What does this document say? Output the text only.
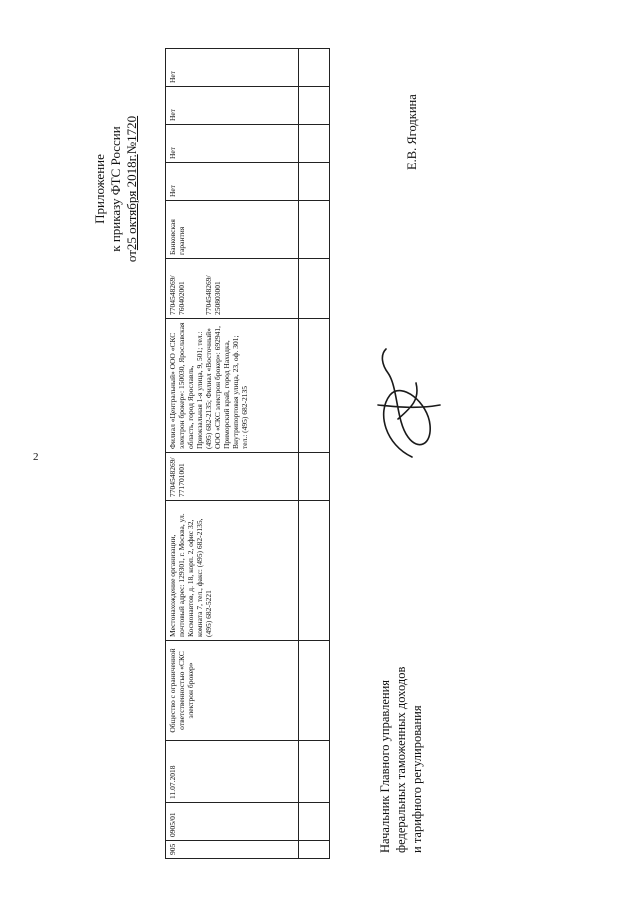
2
Приложение к приказу ФТС России
от25 октября 2018г.№1720
905	0905/01	11.07.2018	Общество с ограниченной ответственностью «СКС электрон брокер»	Местонахождение организации, почтовый адрес: 129301, г. Москва, ул. Космонавтов, д. 18, корп. 2, офис 32, комната 7, тел., факс: (495) 682-2135, (495) 682-5221	7704548269/ 771701001	Филиал «Центральный» ООО «СКС электрон брокер»: 150030, Ярославская область, город Ярославль, Приокзальная 1-я улица, 9, 501; тел.: (495) 682-2135; Филиал «Восточный» ООО «СКС электрон брокер»: 692941, Приморский край, город Находка, Внутрипортовая улица, 23, оф. 301; тел.: (495) 682-2135	7704548269/ 760402001 7704548269/ 250803001	Банковская гарантия	Нет	Нет	Нет	Нет

Начальник Главного управления федеральных таможенных доходов и тарифного регулирования
Е.В. Ягодкина
